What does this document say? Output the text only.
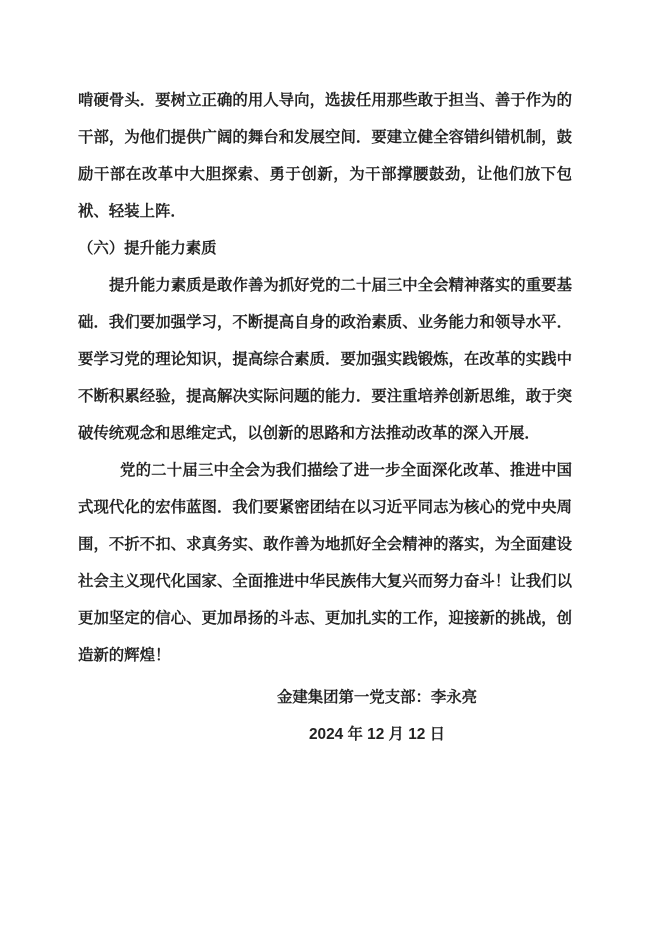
啃硬骨头．要树立正确的用人导向，选拔任用那些敢于担当、善于作为的干部，为他们提供广阔的舞台和发展空间．要建立健全容错纠错机制，鼓励干部在改革中大胆探索、勇于创新，为干部撑腰鼓劲，让他们放下包袱、轻装上阵．

（六）提升能力素质

提升能力素质是敢作善为抓好党的二十届三中全会精神落实的重要基础．我们要加强学习，不断提高自身的政治素质、业务能力和领导水平．要学习党的理论知识，提高综合素质．要加强实践锻炼，在改革的实践中不断积累经验，提高解决实际问题的能力．要注重培养创新思维，敢于突破传统观念和思维定式，以创新的思路和方法推动改革的深入开展．

党的二十届三中全会为我们描绘了进一步全面深化改革、推进中国式现代化的宏伟蓝图．我们要紧密团结在以习近平同志为核心的党中央周围，不折不扣、求真务实、敢作善为地抓好全会精神的落实，为全面建设社会主义现代化国家、全面推进中华民族伟大复兴而努力奋斗！让我们以更加坚定的信心、更加昂扬的斗志、更加扎实的工作，迎接新的挑战，创造新的辉煌！

金建集团第一党支部：李永亮

2024 年 12 月 12 日
